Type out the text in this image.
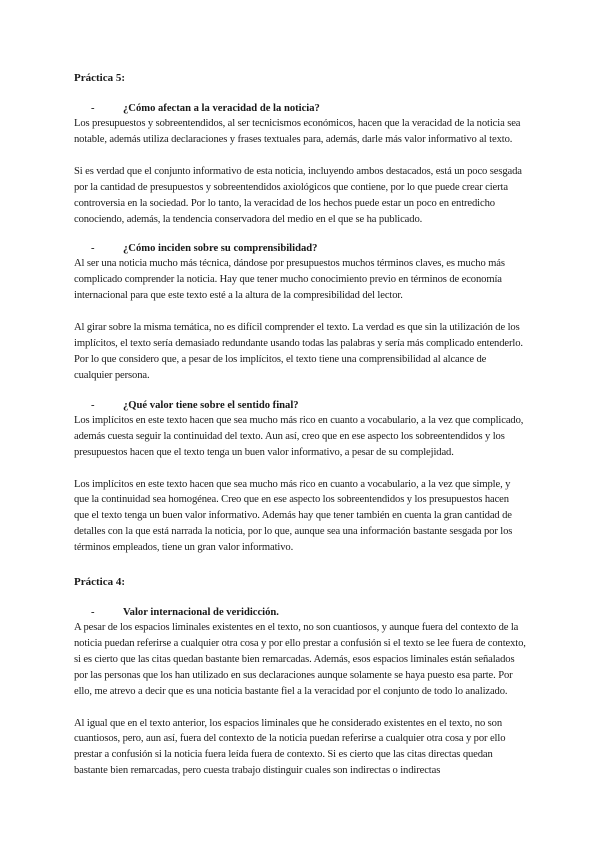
Práctica 5:

-	¿Cómo afectan a la veracidad de la noticia?

Los presupuestos y sobreentendidos, al ser tecnicismos económicos, hacen que la veracidad de la noticia sea notable, además utiliza declaraciones y frases textuales para, además, darle más valor informativo al texto.

Si es verdad que el conjunto informativo de esta noticia, incluyendo ambos destacados, está un poco sesgada por la cantidad de presupuestos y sobreentendidos axiológicos que contiene, por lo que puede crear cierta controversia en la sociedad. Por lo tanto, la veracidad de los hechos puede estar un poco en entredicho conociendo, además, la tendencia conservadora del medio en el que se ha publicado.

-	¿Cómo inciden sobre su comprensibilidad?

Al ser una noticia mucho más técnica, dándose por presupuestos muchos términos claves, es mucho más complicado comprender la noticia. Hay que tener mucho conocimiento previo en términos de economía internacional para que este texto esté a la altura de la compresibilidad del lector.

Al girar sobre la misma temática, no es difícil comprender el texto. La verdad es que sin la utilización de los implícitos, el texto sería demasiado redundante usando todas las palabras y sería más complicado entenderlo. Por lo que considero que, a pesar de los implícitos, el texto tiene una comprensibilidad al alcance de cualquier persona.

-	¿Qué valor tiene sobre el sentido final?

Los implícitos en este texto hacen que sea mucho más rico en cuanto a vocabulario, a la vez que complicado, además cuesta seguir la continuidad del texto. Aun así, creo que en ese aspecto los sobreentendidos y los presupuestos hacen que el texto tenga un buen valor informativo, a pesar de su complejidad.

Los implícitos en este texto hacen que sea mucho más rico en cuanto a vocabulario, a la vez que simple, y que la continuidad sea homogénea. Creo que en ese aspecto los sobreentendidos y los presupuestos hacen que el texto tenga un buen valor informativo. Además hay que tener también en cuenta la gran cantidad de detalles con la que está narrada la noticia, por lo que, aunque sea una información bastante sesgada por los términos empleados, tiene un gran valor informativo.

Práctica 4:

-	Valor internacional de veridicción.

A pesar de los espacios liminales existentes en el texto, no son cuantiosos, y aunque fuera del contexto de la noticia puedan referirse a cualquier otra cosa y por ello prestar a confusión si el texto se lee fuera de contexto, si es cierto que las citas quedan bastante bien remarcadas. Además, esos espacios liminales están señalados por las personas que los han utilizado en sus declaraciones aunque solamente se haya puesto esa parte. Por ello, me atrevo a decir que es una noticia bastante fiel a la veracidad por el conjunto de todo lo analizado.

Al igual que en el texto anterior, los espacios liminales que he considerado existentes en el texto, no son cuantiosos, pero, aun así, fuera del contexto de la noticia puedan referirse a cualquier otra cosa y por ello prestar a confusión si la noticia fuera leída fuera de contexto. Si es cierto que las citas directas quedan bastante bien remarcadas, pero cuesta trabajo distinguir cuales son indirectas o indirectas
